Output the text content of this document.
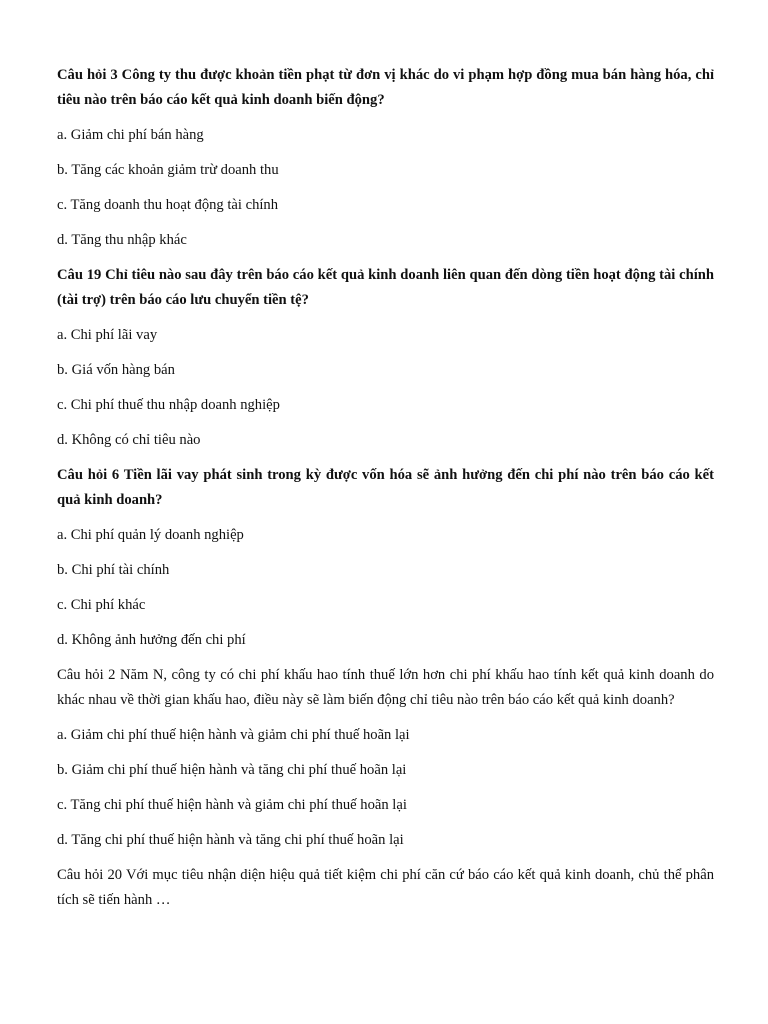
Câu hỏi 3 Công ty thu được khoản tiền phạt từ đơn vị khác do vi phạm hợp đồng mua bán hàng hóa, chỉ tiêu nào trên báo cáo kết quả kinh doanh biến động?

a. Giảm chi phí bán hàng

b. Tăng các khoản giảm trừ doanh thu

c. Tăng doanh thu hoạt động tài chính

d. Tăng thu nhập khác

Câu 19 Chỉ tiêu nào sau đây trên báo cáo kết quả kinh doanh liên quan đến dòng tiền hoạt động tài chính (tài trợ) trên báo cáo lưu chuyển tiền tệ?

a. Chi phí lãi vay

b. Giá vốn hàng bán

c. Chi phí thuế thu nhập doanh nghiệp

d. Không có chỉ tiêu nào

Câu hỏi 6 Tiền lãi vay phát sinh trong kỳ được vốn hóa sẽ ảnh hưởng đến chi phí nào trên báo cáo kết quả kinh doanh?

a. Chi phí quản lý doanh nghiệp

b. Chi phí tài chính

c. Chi phí khác

d. Không ảnh hưởng đến chi phí

Câu hỏi 2 Năm N, công ty có chi phí khấu hao tính thuế lớn hơn chi phí khấu hao tính kết quả kinh doanh do khác nhau về thời gian khấu hao, điều này sẽ làm biến động chỉ tiêu nào trên báo cáo kết quả kinh doanh?

a. Giảm chi phí thuế hiện hành và giảm chi phí thuế hoãn lại

b. Giảm chi phí thuế hiện hành và tăng chi phí thuế hoãn lại

c. Tăng chi phí thuế hiện hành và giảm chi phí thuế hoãn lại

d. Tăng chi phí thuế hiện hành và tăng chi phí thuế hoãn lại

Câu hỏi 20 Với mục tiêu nhận diện hiệu quả tiết kiệm chi phí căn cứ báo cáo kết quả kinh doanh, chủ thể phân tích sẽ tiến hành …
